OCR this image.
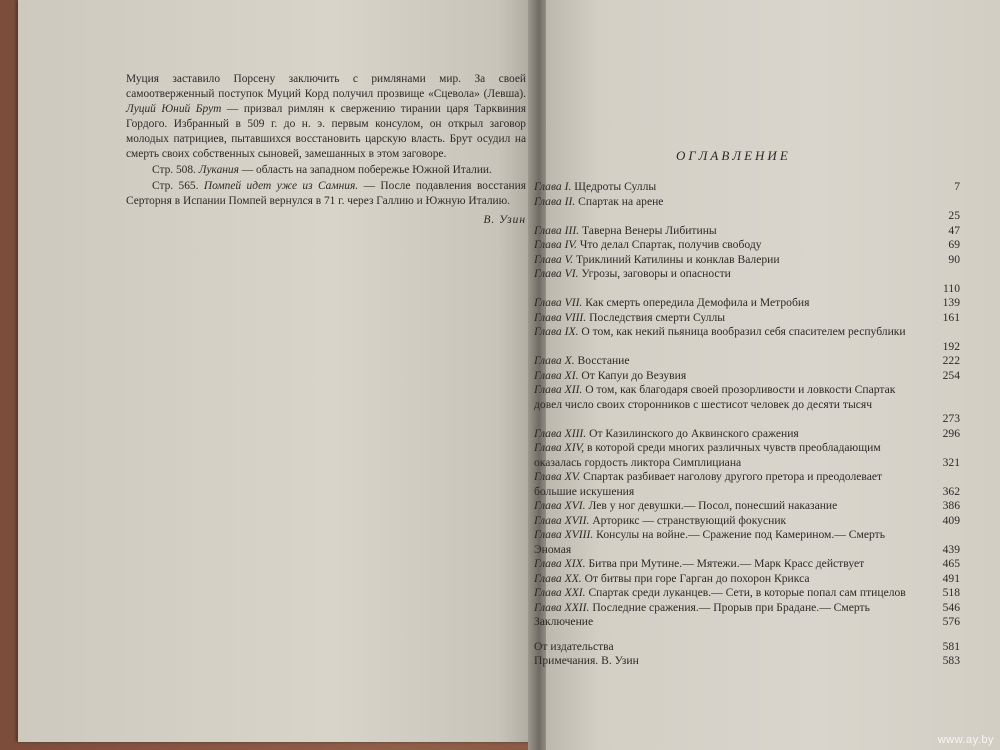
Муция заставило Порсену заключить с римлянами мир. За своей самоотверженный поступок Муций Корд получил прозвище «Сцевола» (Левша). Луций Юний Брут — призвал римлян к свержению тирании царя Тарквиния Гордого. Избранный в 509 г. до н. э. первым консулом, он открыл заговор молодых патрициев, пытавшихся восстановить царскую власть. Брут осудил на смерть своих собственных сыновей, замешанных в этом заговоре.

Стр. 508. Лукания — область на западном побережье Южной Италии.

Стр. 565. Помпей идет уже из Самния. — После подавления восстания Серторня в Испании Помпей вернулся в 71 г. через Галлию и Южную Италию.

В. Узин

ОГЛАВЛЕНИЕ
Глава I. Щедроты Суллы	7
Глава II. Спартак на арене
25
Глава III. Таверна Венеры Либитины	47
Глава IV. Что делал Спартак, получив свободу	69
Глава V. Триклиний Катилины и конклав Валерии	90
Глава VI. Угрозы, заговоры и опасности
110
Глава VII. Как смерть опередила Демофила и Метробия	139
Глава VIII. Последствия смерти Суллы	161
Глава IX. О том, как некий пьяница вообразил себя спасителем республики
192
Глава X. Восстание	222
Глава XI. От Капуи до Везувия	254
Глава XII. О том, как благодаря своей прозорливости и ловкости Спартак довел число своих сторонников с шестисот человек до десяти тысяч
273
Глава XIII. От Казилинского до Аквинского сражения	296
Глава XIV, в которой среди многих различных чувств преобладающим оказалась гордость ликтора Симплициана	321
Глава XV. Спартак разбивает наголову другого претора и преодолевает большие искушения	362
Глава XVI. Лев у ног девушки.— Посол, понесший наказание	386
Глава XVII. Арторикс — странствующий фокусник	409
Глава XVIII. Консулы на войне.— Сражение под Камерином.— Смерть Эномая	439
Глава XIX. Битва при Мутине.— Мятежи.— Марк Красс действует	465
Глава XX. От битвы при горе Гарган до похорон Крикса	491
Глава XXI. Спартак среди луканцев.— Сети, в которые попал сам птицелов	518
Глава XXII. Последние сражения.— Прорыв при Брадане.— Смерть	546
Заключение	576
От издательства	581
Примечания. В. Узин	583
www.ay.by
